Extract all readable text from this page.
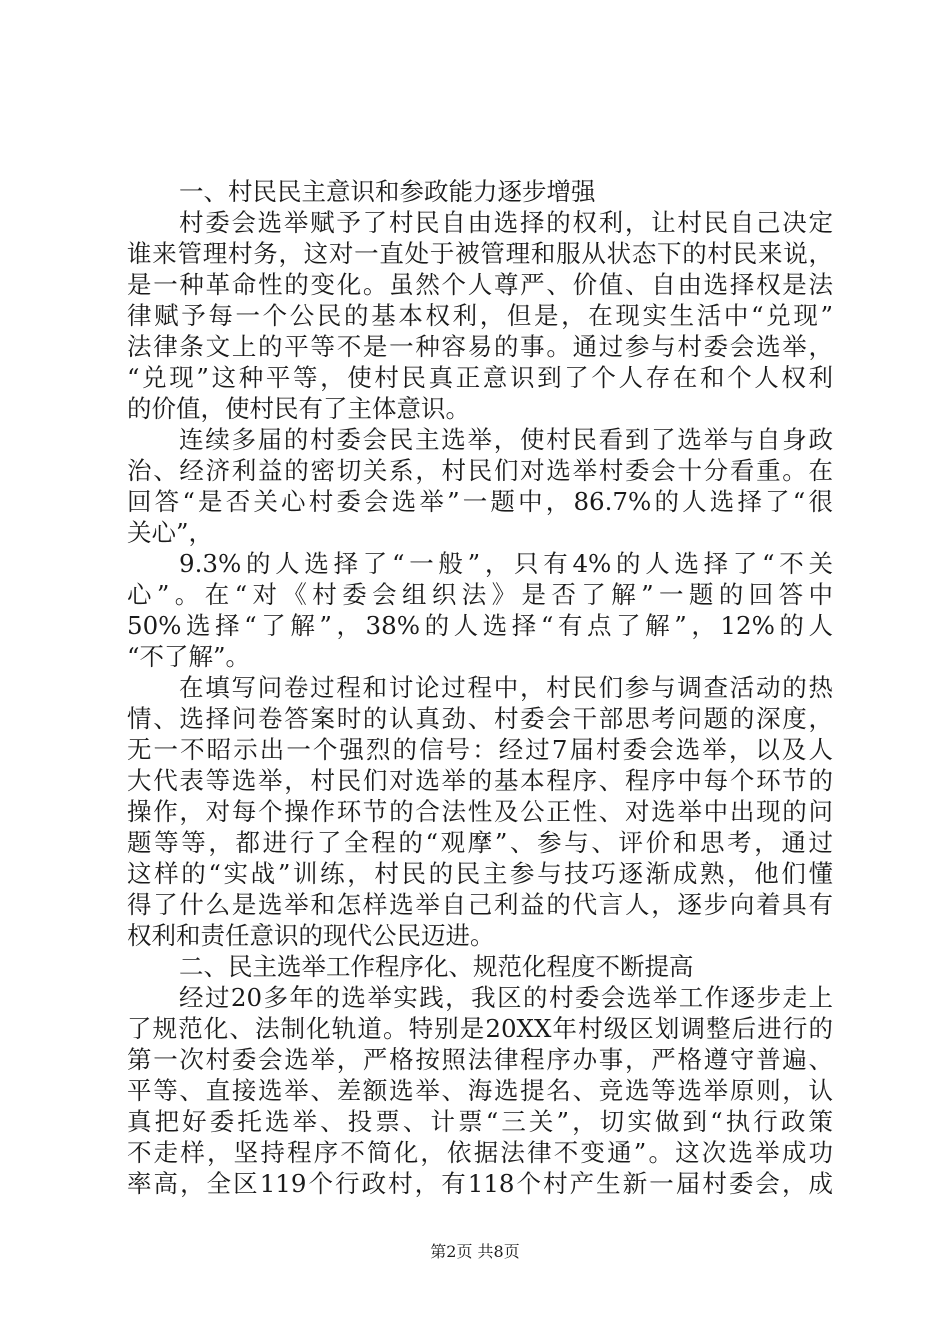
一、村民民主意识和参政能力逐步增强
村委会选举赋予了村民自由选择的权利，让村民自己决定
谁来管理村务，这对一直处于被管理和服从状态下的村民来说，
是一种革命性的变化。虽然个人尊严、价值、自由选择权是法
律赋予每一个公民的基本权利，但是，在现实生活中“兑现”
法律条文上的平等不是一种容易的事。通过参与村委会选举，
“兑现”这种平等，使村民真正意识到了个人存在和个人权利
的价值，使村民有了主体意识。
连续多届的村委会民主选举，使村民看到了选举与自身政
治、经济利益的密切关系，村民们对选举村委会十分看重。在
回答“是否关心村委会选举”一题中，86.7%的人选择了“很
关心”，
9.3%的人选择了“一般”，只有4%的人选择了“不关
心”。在“对《村委会组织法》是否了解”一题的回答中
50%选择“了解”，38%的人选择“有点了解”，12%的人
“不了解”。
在填写问卷过程和讨论过程中，村民们参与调查活动的热
情、选择问卷答案时的认真劲、村委会干部思考问题的深度，
无一不昭示出一个强烈的信号：经过7届村委会选举，以及人
大代表等选举，村民们对选举的基本程序、程序中每个环节的
操作，对每个操作环节的合法性及公正性、对选举中出现的问
题等等，都进行了全程的“观摩”、参与、评价和思考，通过
这样的“实战”训练，村民的民主参与技巧逐渐成熟，他们懂
得了什么是选举和怎样选举自己利益的代言人，逐步向着具有
权利和责任意识的现代公民迈进。
二、民主选举工作程序化、规范化程度不断提高
经过20多年的选举实践，我区的村委会选举工作逐步走上
了规范化、法制化轨道。特别是20XX年村级区划调整后进行的
第一次村委会选举，严格按照法律程序办事，严格遵守普遍、
平等、直接选举、差额选举、海选提名、竞选等选举原则，认
真把好委托选举、投票、计票“三关”，切实做到“执行政策
不走样，坚持程序不简化，依据法律不变通”。这次选举成功
率高，全区119个行政村，有118个村产生新一届村委会，成
第2页 共8页
